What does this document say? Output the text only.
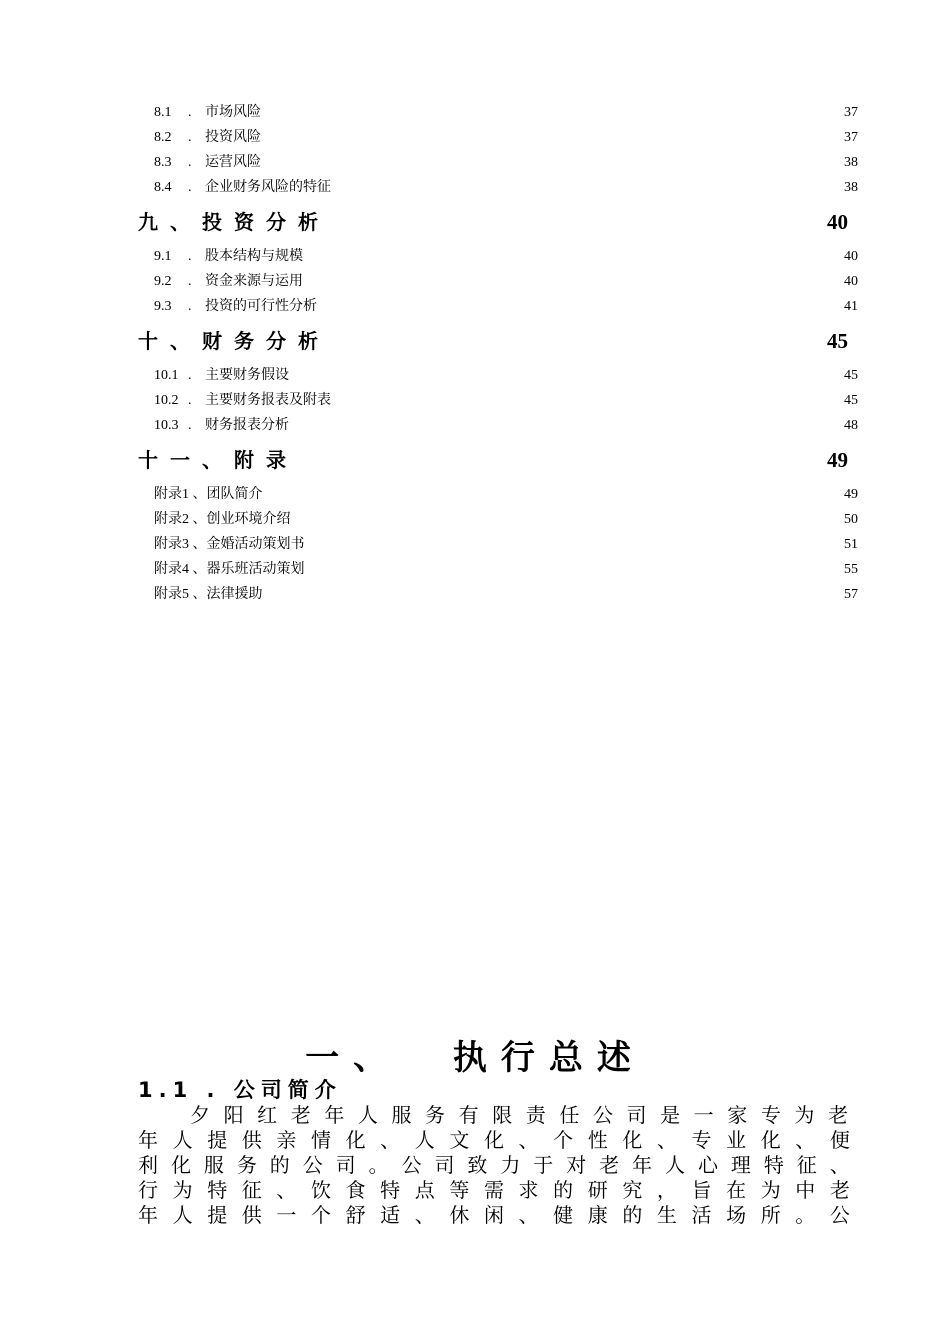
8.1 . 市场风险	37
8.2 . 投资风险	37
8.3 . 运营风险	38
8.4 . 企业财务风险的特征	38
九、投资分析	40
9.1 . 股本结构与规模	40
9.2 . 资金来源与运用	40
9.3 . 投资的可行性分析	41
十、财务分析	45
10.1 . 主要财务假设	45
10.2 . 主要财务报表及附表	45
10.3 . 财务报表分析	48
十一、附录	49
附录1 、团队简介	49
附录2 、创业环境介绍	50
附录3 、金婚活动策划书	51
附录4 、器乐班活动策划	55
附录5 、法律援助	57
一、  执行总述
1.1 . 公司简介
夕 阳 红 老 年 人 服 务 有 限 责 任 公 司 是 一 家 专 为 老
年 人 提 供 亲 情 化 、 人 文 化 、 个 性 化 、 专 业 化 、 便
利 化 服 务 的 公 司 。 公 司 致 力 于 对 老 年 人 心 理 特 征 、
行 为 特 征 、 饮 食 特 点 等 需 求 的 研 究 ， 旨 在 为 中 老
年 人 提 供 一 个 舒 适 、 休 闲 、 健 康 的 生 活 场 所 。 公
